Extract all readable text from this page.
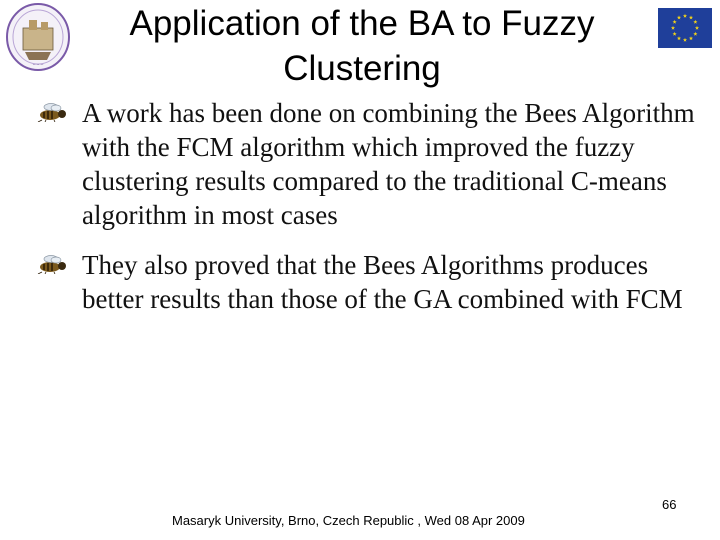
~ ~ ~
Application of the BA to Fuzzy Clustering
A work has been done on combining the Bees Algorithm with the FCM algorithm which improved the fuzzy clustering results compared to the traditional C-means algorithm in most cases
They also proved that the Bees Algorithms produces better results than those of the GA combined with FCM
66
Masaryk University, Brno, Czech Republic , Wed 08 Apr 2009
